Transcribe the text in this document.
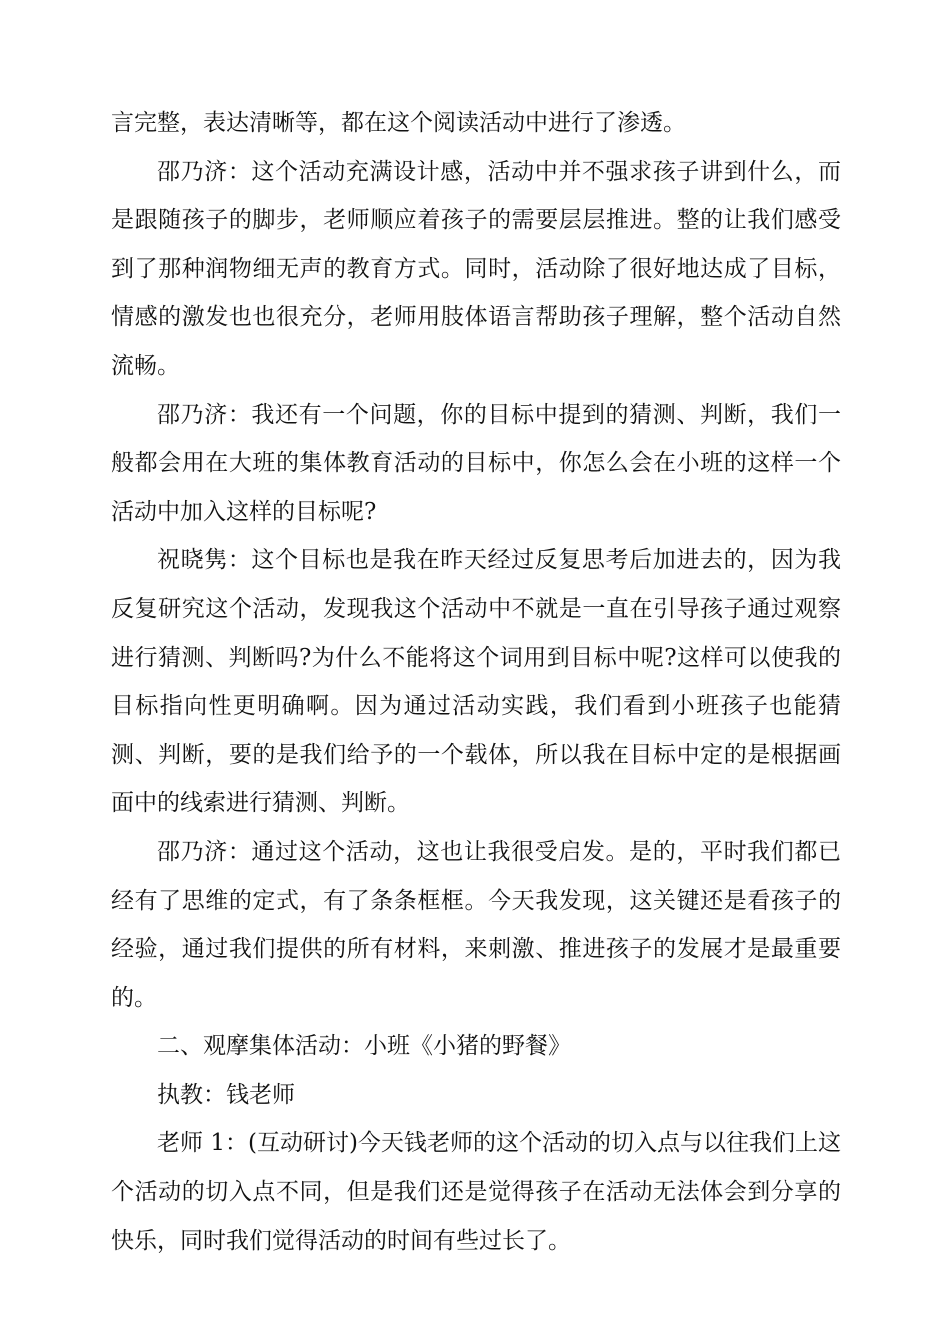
言完整，表达清晰等，都在这个阅读活动中进行了渗透。

邵乃济：这个活动充满设计感，活动中并不强求孩子讲到什么，而是跟随孩子的脚步，老师顺应着孩子的需要层层推进。整的让我们感受到了那种润物细无声的教育方式。同时，活动除了很好地达成了目标，情感的激发也也很充分，老师用肢体语言帮助孩子理解，整个活动自然流畅。

邵乃济：我还有一个问题，你的目标中提到的猜测、判断，我们一般都会用在大班的集体教育活动的目标中，你怎么会在小班的这样一个活动中加入这样的目标呢?

祝晓隽：这个目标也是我在昨天经过反复思考后加进去的，因为我反复研究这个活动，发现我这个活动中不就是一直在引导孩子通过观察进行猜测、判断吗?为什么不能将这个词用到目标中呢?这样可以使我的目标指向性更明确啊。因为通过活动实践，我们看到小班孩子也能猜测、判断，要的是我们给予的一个载体，所以我在目标中定的是根据画面中的线索进行猜测、判断。

邵乃济：通过这个活动，这也让我很受启发。是的，平时我们都已经有了思维的定式，有了条条框框。今天我发现，这关键还是看孩子的经验，通过我们提供的所有材料，来刺激、推进孩子的发展才是最重要的。

二、观摩集体活动：小班《小猪的野餐》

执教：钱老师

老师 1：(互动研讨)今天钱老师的这个活动的切入点与以往我们上这个活动的切入点不同，但是我们还是觉得孩子在活动无法体会到分享的快乐，同时我们觉得活动的时间有些过长了。
